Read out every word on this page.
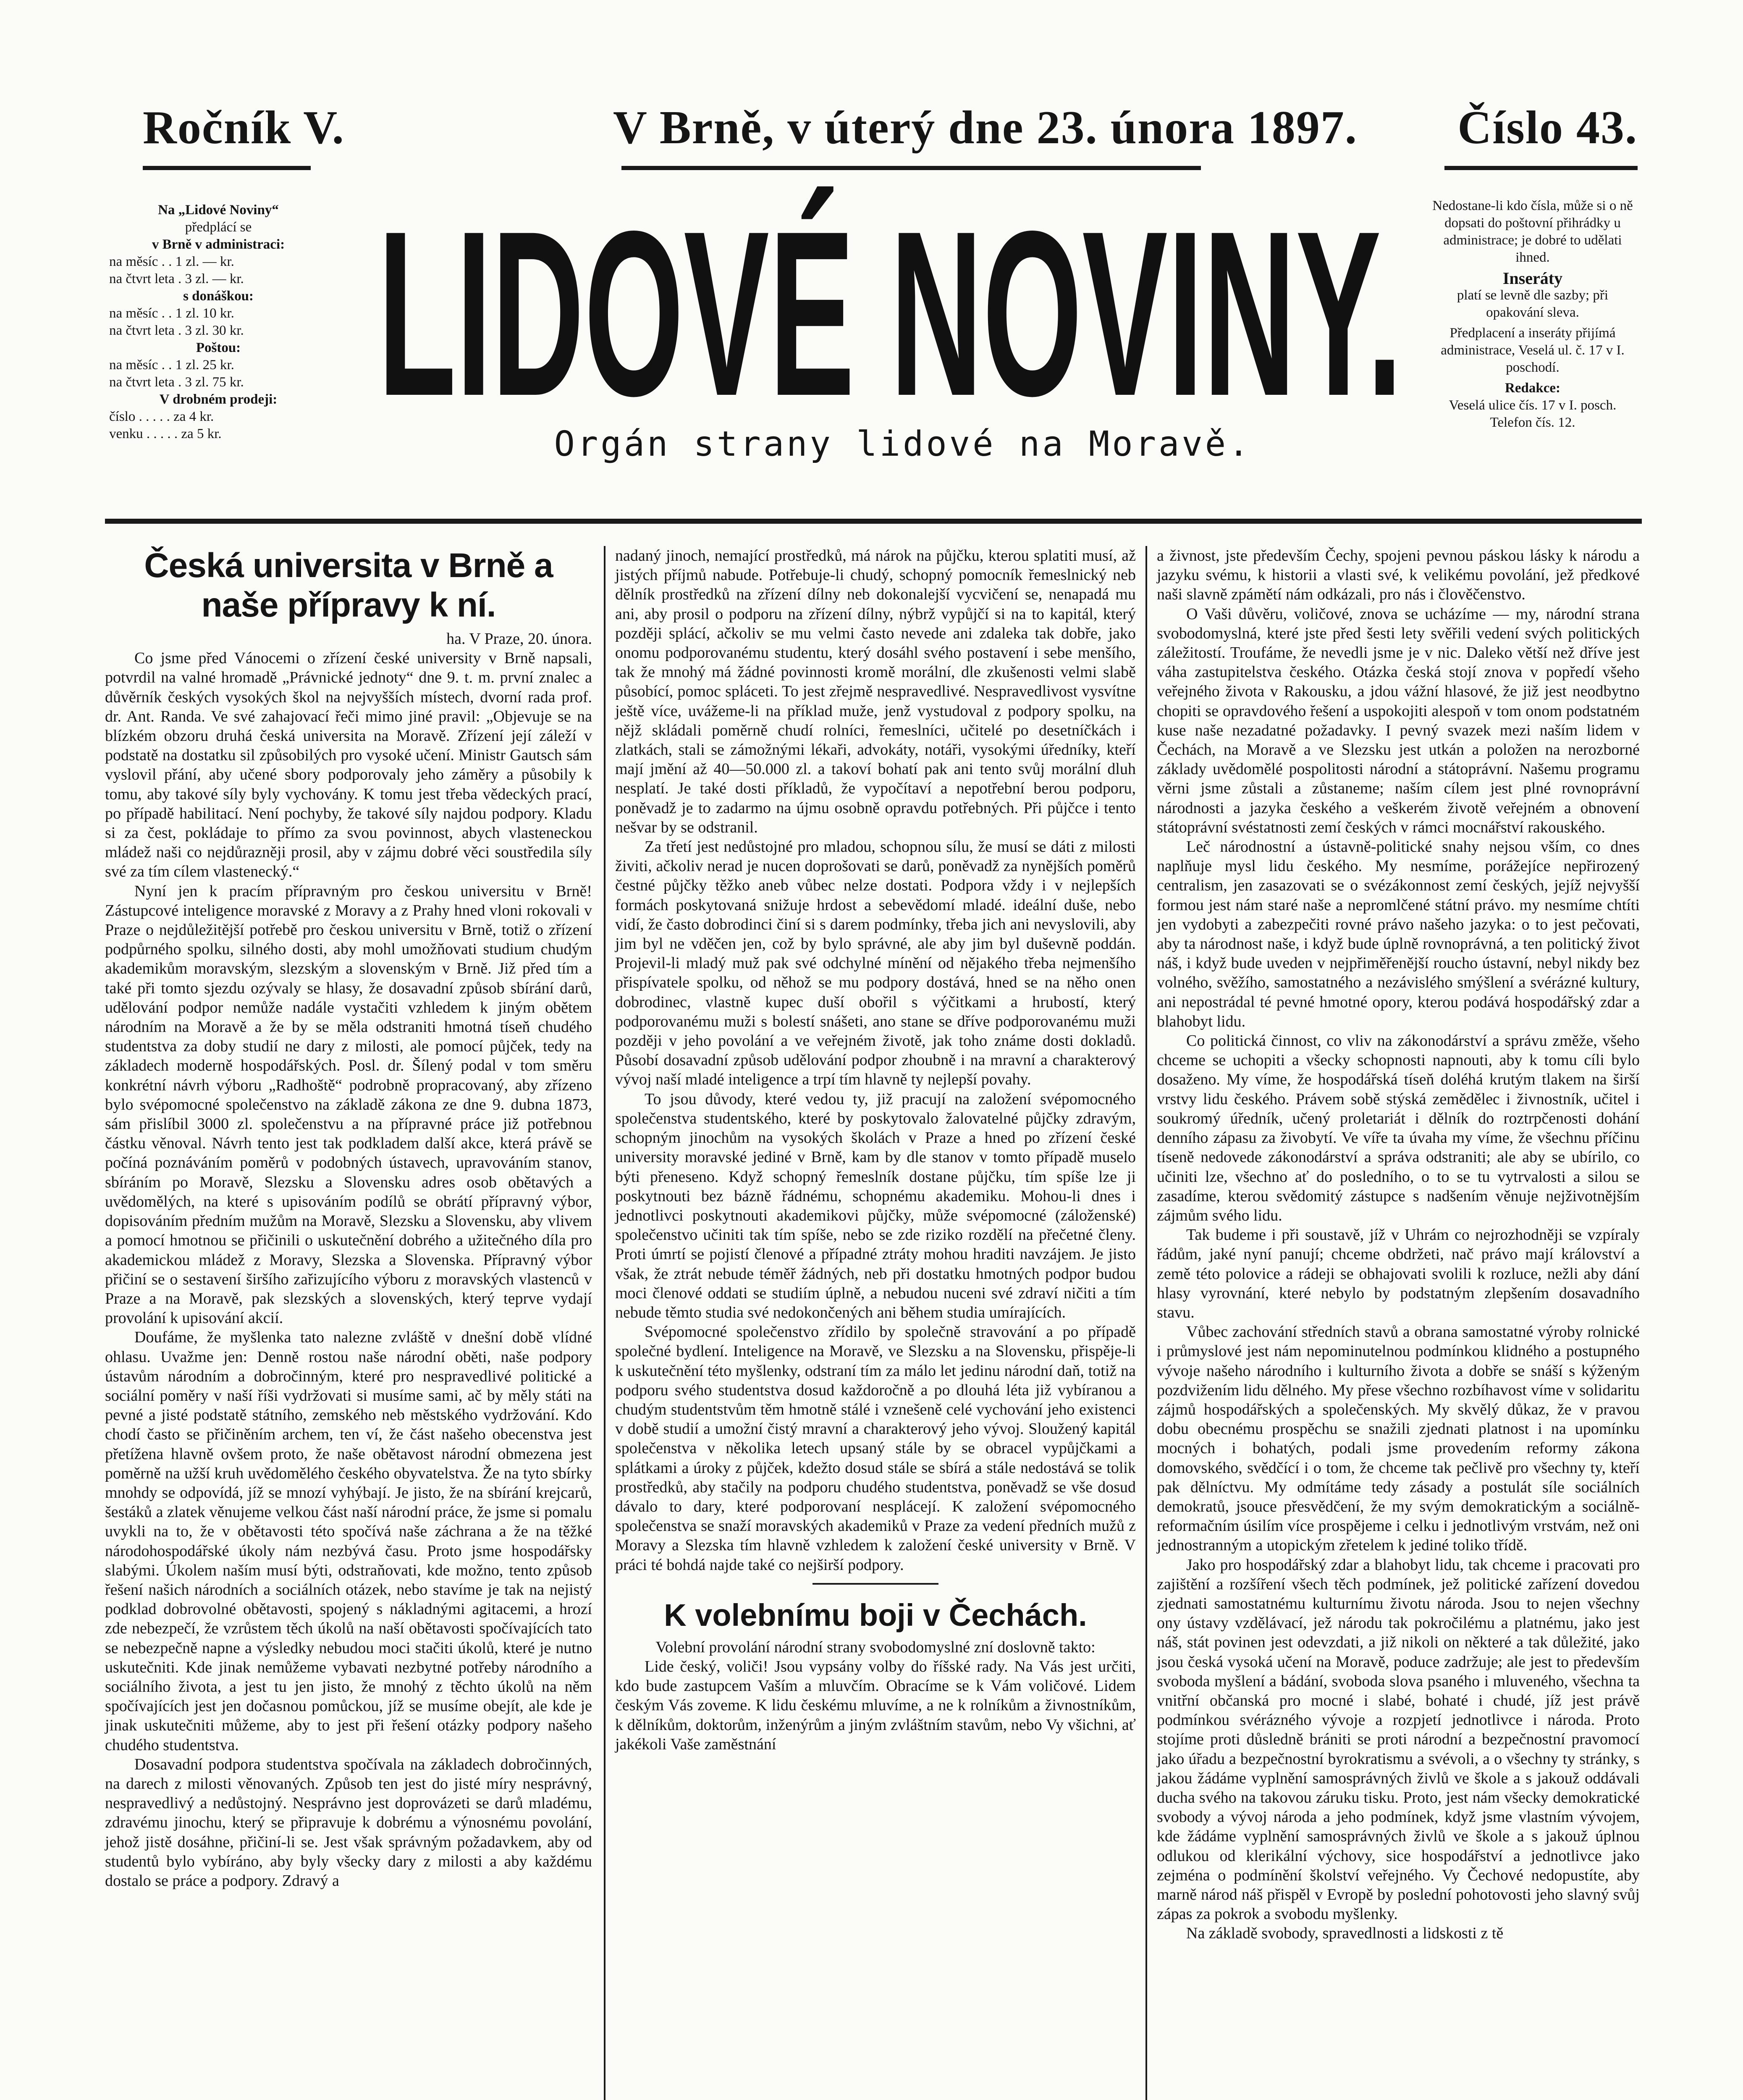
Ročník V.	V Brně, v úterý dne 23. února 1897. Číslo 43.

Na „Lidové Noviny“

předplácí se

v Brně v administraci:

na měsíc . . 1 zl. — kr.

na čtvrt leta . 3 zl. — kr.

s donáškou:

na měsíc . . 1 zl. 10 kr.

na čtvrt leta . 3 zl. 30 kr.

Poštou:

na měsíc . . 1 zl. 25 kr.

na čtvrt leta . 3 zl. 75 kr.

V drobném prodeji:

číslo . . . . . za 4 kr.

venku . . . . . za 5 kr. LIDOVÉ NOVINY.
Orgán strany lidové na Moravě.

Nedostane-li kdo čísla, může si o ně dopsati do poštovní přihrádky u administrace; je dobré to udělati ihned.

Inseráty

platí se levně dle sazby; při opakování sleva.

Předplacení a inseráty přijímá administrace, Veselá ul. č. 17 v I. poschodí.

Redakce:

Veselá ulice čís. 17 v I. posch.

Telefon čís. 12.

Česká universita v Brně a naše přípravy k ní.

ha. V Praze, 20. února.

Co jsme před Vánocemi o zřízení české university v Brně napsali, potvrdil na valné hromadě „Právnické jednoty“ dne 9. t. m. první znalec a důvěrník českých vysokých škol na nejvyšších místech, dvorní rada prof. dr. Ant. Randa. Ve své zahajovací řeči mimo jiné pravil: „Objevuje se na blízkém obzoru druhá česká universita na Moravě. Zřízení její záleží v podstatě na dostatku sil způsobilých pro vysoké učení. Ministr Gautsch sám vyslovil přání, aby učené sbory podporovaly jeho záměry a působily k tomu, aby takové síly byly vychovány. K tomu jest třeba vědeckých prací, po případě habilitací. Není pochyby, že takové síly najdou podpory. Kladu si za čest, pokládaje to přímo za svou povinnost, abych vlasteneckou mládež naši co nejdůrazněji prosil, aby v zájmu dobré věci soustředila síly své za tím cílem vlastenecký.“

Nyní jen k pracím přípravným pro českou universitu v Brně! Zástupcové inteligence moravské z Moravy a z Prahy hned vloni rokovali v Praze o nejdůležitější potřebě pro českou universitu v Brně, totiž o zřízení podpůrného spolku, silného dosti, aby mohl umožňovati studium chudým akademikům moravským, slezským a slovenským v Brně. Již před tím a také při tomto sjezdu ozývaly se hlasy, že dosavadní způsob sbírání darů, udělování podpor nemůže nadále vystačiti vzhledem k jiným obětem národním na Moravě a že by se měla odstraniti hmotná tíseň chudého studentstva za doby studií ne dary z milosti, ale pomocí půjček, tedy na základech moderně hospodářských. Posl. dr. Šílený podal v tom směru konkrétní návrh výboru „Radhoště“ podrobně propracovaný, aby zřízeno bylo svépomocné společenstvo na základě zákona ze dne 9. dubna 1873, sám přislíbil 3000 zl. společenstvu a na přípravné práce již potřebnou částku věnoval. Návrh tento jest tak podkladem další akce, která právě se počíná poznáváním poměrů v podobných ústavech, upravováním stanov, sbíráním po Moravě, Slezsku a Slovensku adres osob obětavých a uvědomělých, na které s upisováním podílů se obrátí přípravný výbor, dopisováním předním mužům na Moravě, Slezsku a Slovensku, aby vlivem a pomocí hmotnou se přičinili o uskutečnění dobrého a užitečného díla pro akademickou mládež z Moravy, Slezska a Slovenska. Přípravný výbor přičiní se o sestavení širšího zařizujícího výboru z moravských vlastenců v Praze a na Moravě, pak slezských a slovenských, který teprve vydají provolání k upisování akcií.

Doufáme, že myšlenka tato nalezne zvláště v dnešní době vlídné ohlasu. Uvažme jen: Denně rostou naše národní oběti, naše podpory ústavům národním a dobročinným, které pro nespravedlivé politické a sociální poměry v naší říši vydržovati si musíme sami, ač by měly státi na pevné a jisté podstatě státního, zemského neb městského vydržování. Kdo chodí často se přičiněním archem, ten ví, že část našeho obecenstva jest přetížena hlavně ovšem proto, že naše obětavost národní obmezena jest poměrně na užší kruh uvědomělého českého obyvatelstva. Že na tyto sbírky mnohdy se odpovídá, jíž se mnozí vyhýbají. Je jisto, že na sbírání krejcarů, šestáků a zlatek věnujeme velkou část naší národní práce, že jsme si pomalu uvykli na to, že v obětavosti této spočívá naše záchrana a že na těžké národohospodářské úkoly nám nezbývá času. Proto jsme hospodářsky slabými. Úkolem naším musí býti, odstraňovati, kde možno, tento způsob řešení našich národních a sociálních otázek, nebo stavíme je tak na nejistý podklad dobrovolné obětavosti, spojený s nákladnými agitacemi, a hrozí zde nebezpečí, že vzrůstem těch úkolů na naší obětavosti spočívajících tato se nebezpečně napne a výsledky nebudou moci stačiti úkolů, které je nutno uskutečniti. Kde jinak nemůžeme vybavati nezbytné potřeby národního a sociálního života, a jest tu jen jisto, že mnohý z těchto úkolů na něm spočívajících jest jen dočasnou pomůckou, jíž se musíme obejít, ale kde je jinak uskutečniti můžeme, aby to jest při řešení otázky podpory našeho chudého studentstva.

Dosavadní podpora studentstva spočívala na základech dobročinných, na darech z milosti věnovaných. Způsob ten jest do jisté míry nesprávný, nespravedlivý a nedůstojný. Nesprávno jest doprovázeti se darů mladému, zdravému jinochu, který se připravuje k dobrému a výnosnému povolání, jehož jistě dosáhne, přičiní-li se. Jest však správným požadavkem, aby od studentů bylo vybíráno, aby byly všecky dary z milosti a aby každému dostalo se práce a podpory. Zdravý a

nadaný jinoch, nemající prostředků, má nárok na půjčku, kterou splatiti musí, až jistých příjmů nabude. Potřebuje-li chudý, schopný pomocník řemeslnický neb dělník prostředků na zřízení dílny neb dokonalejší vycvičení se, nenapadá mu ani, aby prosil o podporu na zřízení dílny, nýbrž vypůjčí si na to kapitál, který později splácí, ačkoliv se mu velmi často nevede ani zdaleka tak dobře, jako onomu podporovanému studentu, který dosáhl svého postavení i sebe menšího, tak že mnohý má žádné povinnosti kromě morální, dle zkušenosti velmi slabě působící, pomoc spláceti. To jest zřejmě nespravedlivé. Nespravedlivost vysvítne ještě více, uvážeme-li na příklad muže, jenž vystudoval z podpory spolku, na nějž skládali poměrně chudí rolníci, řemeslníci, učitelé po desetníčkách i zlatkách, stali se zámožnými lékaři, advokáty, notáři, vysokými úředníky, kteří mají jmění až 40—50.000 zl. a takoví bohatí pak ani tento svůj morální dluh nesplatí. Je také dosti příkladů, že vypočítaví a nepotřební berou podporu, poněvadž je to zadarmo na újmu osobně opravdu potřebných. Při půjčce i tento nešvar by se odstranil.

Za třetí jest nedůstojné pro mladou, schopnou sílu, že musí se dáti z milosti živiti, ačkoliv nerad je nucen doprošovati se darů, poněvadž za nynějších poměrů čestné půjčky těžko aneb vůbec nelze dostati. Podpora vždy i v nejlepších formách poskytovaná snižuje hrdost a sebevědomí mladé. ideální duše, nebo vidí, že často dobrodinci činí si s darem podmínky, třeba jich ani nevyslovili, aby jim byl ne vděčen jen, což by bylo správné, ale aby jim byl duševně poddán. Projevil-li mladý muž pak své odchylné mínění od nějakého třeba nejmenšího přispívatele spolku, od něhož se mu podpory dostává, hned se na něho onen dobrodinec, vlastně kupec duší obořil s výčitkami a hrubostí, který podporovanému muži s bolestí snášeti, ano stane se dříve podporovanému muži později v jeho povolání a ve veřejném životě, jak toho známe dosti dokladů. Působí dosavadní způsob udělování podpor zhoubně i na mravní a charakterový vývoj naší mladé inteligence a trpí tím hlavně ty nejlepší povahy.

To jsou důvody, které vedou ty, již pracují na založení svépomocného společenstva studentského, které by poskytovalo žalovatelné půjčky zdravým, schopným jinochům na vysokých školách v Praze a hned po zřízení české university moravské jediné v Brně, kam by dle stanov v tomto případě muselo býti přeneseno. Když schopný řemeslník dostane půjčku, tím spíše lze ji poskytnouti bez bázně řádnému, schopnému akademiku. Mohou-li dnes i jednotlivci poskytnouti akademikovi půjčky, může svépomocné (záloženské) společenstvo učiniti tak tím spíše, nebo se zde riziko rozdělí na přečetné členy. Proti úmrtí se pojistí členové a případné ztráty mohou hraditi navzájem. Je jisto však, že ztrát nebude téměř žádných, neb při dostatku hmotných podpor budou moci členové oddati se studiím úplně, a nebudou nuceni své zdraví ničiti a tím nebude těmto studia své nedokončených ani během studia umírajících.

Svépomocné společenstvo zřídilo by společně stravování a po případě společné bydlení. Inteligence na Moravě, ve Slezsku a na Slovensku, přispěje-li k uskutečnění této myšlenky, odstraní tím za málo let jedinu národní daň, totiž na podporu svého studentstva dosud každoročně a po dlouhá léta již vybíranou a chudým studentstvům těm hmotně stálé i vznešeně celé vychování jeho existenci v době studií a umožní čistý mravní a charakterový jeho vývoj. Sloužený kapitál společenstva v několika letech upsaný stále by se obracel vypůjčkami a splátkami a úroky z půjček, kdežto dosud stále se sbírá a stále nedostává se tolik prostředků, aby stačily na podporu chudého studentstva, poněvadž se vše dosud dávalo to dary, které podporovaní nesplácejí. K založení svépomocného společenstva se snaží moravských akademiků v Praze za vedení předních mužů z Moravy a Slezska tím hlavně vzhledem k založení české university v Brně. V práci té bohdá najde také co nejširší podpory.

K volebnímu boji v Čechách.

Volební provolání národní strany svobodomyslné zní doslovně takto:

Lide český, voliči! Jsou vypsány volby do říšské rady. Na Vás jest určiti, kdo bude zastupcem Vaším a mluvčím. Obracíme se k Vám voličové. Lidem českým Vás zoveme. K lidu českému mluvíme, a ne k rolníkům a živnostníkům, k dělníkům, doktorům, inženýrům a jiným zvláštním stavům, nebo Vy všichni, ať jakékoli Vaše zaměstnání

a živnost, jste především Čechy, spojeni pevnou páskou lásky k národu a jazyku svému, k historii a vlasti své, k velikému povolání, jež předkové naši slavně zpámětí nám odkázali, pro nás i člověčenstvo.

O Vaši důvěru, voličové, znova se ucházíme — my, národní strana svobodomyslná, které jste před šesti lety svěřili vedení svých politických záležitostí. Troufáme, že nevedli jsme je v nic. Daleko větší než dříve jest váha zastupitelstva českého. Otázka česká stojí znova v popředí všeho veřejného života v Rakousku, a jdou vážní hlasové, že již jest neodbytno chopiti se opravdového řešení a uspokojiti alespoň v tom onom podstatném kuse naše nezadatné požadavky. I pevný svazek mezi naším lidem v Čechách, na Moravě a ve Slezsku jest utkán a položen na nerozborné základy uvědomělé pospolitosti národní a státoprávní. Našemu programu věrni jsme zůstali a zůstaneme; naším cílem jest plné rovnoprávní národnosti a jazyka českého a veškerém životě veřejném a obnovení státoprávní svéstatnosti zemí českých v rámci mocnářství rakouského.

Leč národnostní a ústavně-politické snahy nejsou vším, co dnes naplňuje mysl lidu českého. My nesmíme, porážejíce nepřirozený centralism, jen zasazovati se o svézákonnost zemí českých, jejíž nejvyšší formou jest nám staré naše a nepromlčené státní právo. my nesmíme chtíti jen vydobyti a zabezpečiti rovné právo našeho jazyka: o to jest pečovati, aby ta národnost naše, i když bude úplně rovnoprávná, a ten politický život náš, i když bude uveden v nejpřiměřenější roucho ústavní, nebyl nikdy bez volného, svěžího, samostatného a nezávislého smýšlení a svérázné kultury, ani nepostrádal té pevné hmotné opory, kterou podává hospodářský zdar a blahobyt lidu.

Co politická činnost, co vliv na zákonodárství a správu změže, všeho chceme se uchopiti a všecky schopnosti napnouti, aby k tomu cíli bylo dosaženo. My víme, že hospodářská tíseň doléhá krutým tlakem na širší vrstvy lidu českého. Právem sobě stýská zemědělec i živnostník, učitel i soukromý úředník, učený proletariát i dělník do roztrpčenosti dohání denního zápasu za živobytí. Ve víře ta úvaha my víme, že všechnu příčinu tíseně nedovede zákonodárství a správa odstraniti; ale aby se ubírilo, co učiniti lze, všechno ať do posledního, o to se tu vytrvalosti a silou se zasadíme, kterou svědomitý zástupce s nadšením věnuje nejživotnějším zájmům svého lidu.

Tak budeme i při soustavě, jíž v Uhrám co nejrozhodněji se vzpíraly řádům, jaké nyní panují; chceme obdržeti, nač právo mají království a země této polovice a rádeji se obhajovati svolili k rozluce, nežli aby dání hlasy vyrovnání, které nebylo by podstatným zlepšením dosavadního stavu.

Vůbec zachování středních stavů a obrana samostatné výroby rolnické i průmyslové jest nám nepominutelnou podmínkou klidného a postupného vývoje našeho národního i kulturního života a dobře se snáší s kýženým pozdvižením lidu dělného. My přese všechno rozbíhavost víme v solidaritu zájmů hospodářských a společenských. My skvělý důkaz, že v pravou dobu obecnému prospěchu se snažili zjednati platnost i na upomínku mocných i bohatých, podali jsme provedením reformy zákona domovského, svědčící i o tom, že chceme tak pečlivě pro všechny ty, kteří pak dělníctvu. My odmítáme tedy zásady a postulát síle sociálních demokratů, jsouce přesvědčení, že my svým demokratickým a sociálně-reformačním úsilím více prospějeme i celku i jednotlivým vrstvám, než oni jednostranným a utopickým zřetelem k jediné toliko třídě.

Jako pro hospodářský zdar a blahobyt lidu, tak chceme i pracovati pro zajištění a rozšíření všech těch podmínek, jež politické zařízení dovedou zjednati samostatnému kulturnímu životu národa. Jsou to nejen všechny ony ústavy vzdělávací, jež národu tak pokročilému a platnému, jako jest náš, stát povinen jest odevzdati, a již nikoli on některé a tak důležité, jako jsou česká vysoká učení na Moravě, poduce zadržuje; ale jest to především svoboda myšlení a bádání, svoboda slova psaného i mluveného, všechna ta vnitřní občanská pro mocné i slabé, bohaté i chudé, jíž jest právě podmínkou svérázného vývoje a rozpjetí jednotlivce i národa. Proto stojíme proti důsledně brániti se proti národní a bezpečnostní pravomocí jako úřadu a bezpečnostní byrokratismu a svévoli, a o všechny ty stránky, s jakou žádáme vyplnění samosprávných živlů ve škole a s jakouž oddávali ducha svého na takovou záruku tisku. Proto, jest nám všecky demokratické svobody a vývoj národa a jeho podmínek, když jsme vlastním vývojem, kde žádáme vyplnění samosprávných živlů ve škole a s jakouž úplnou odlukou od klerikální výchovy, sice hospodářství a jednotlivce jako zejména o podmínění školství veřejného. Vy Čechové nedopustíte, aby marně národ náš přispěl v Evropě by poslední pohotovosti jeho slavný svůj zápas za pokrok a svobodu myšlenky.

Na základě svobody, spravedlnosti a lidskosti z tě
